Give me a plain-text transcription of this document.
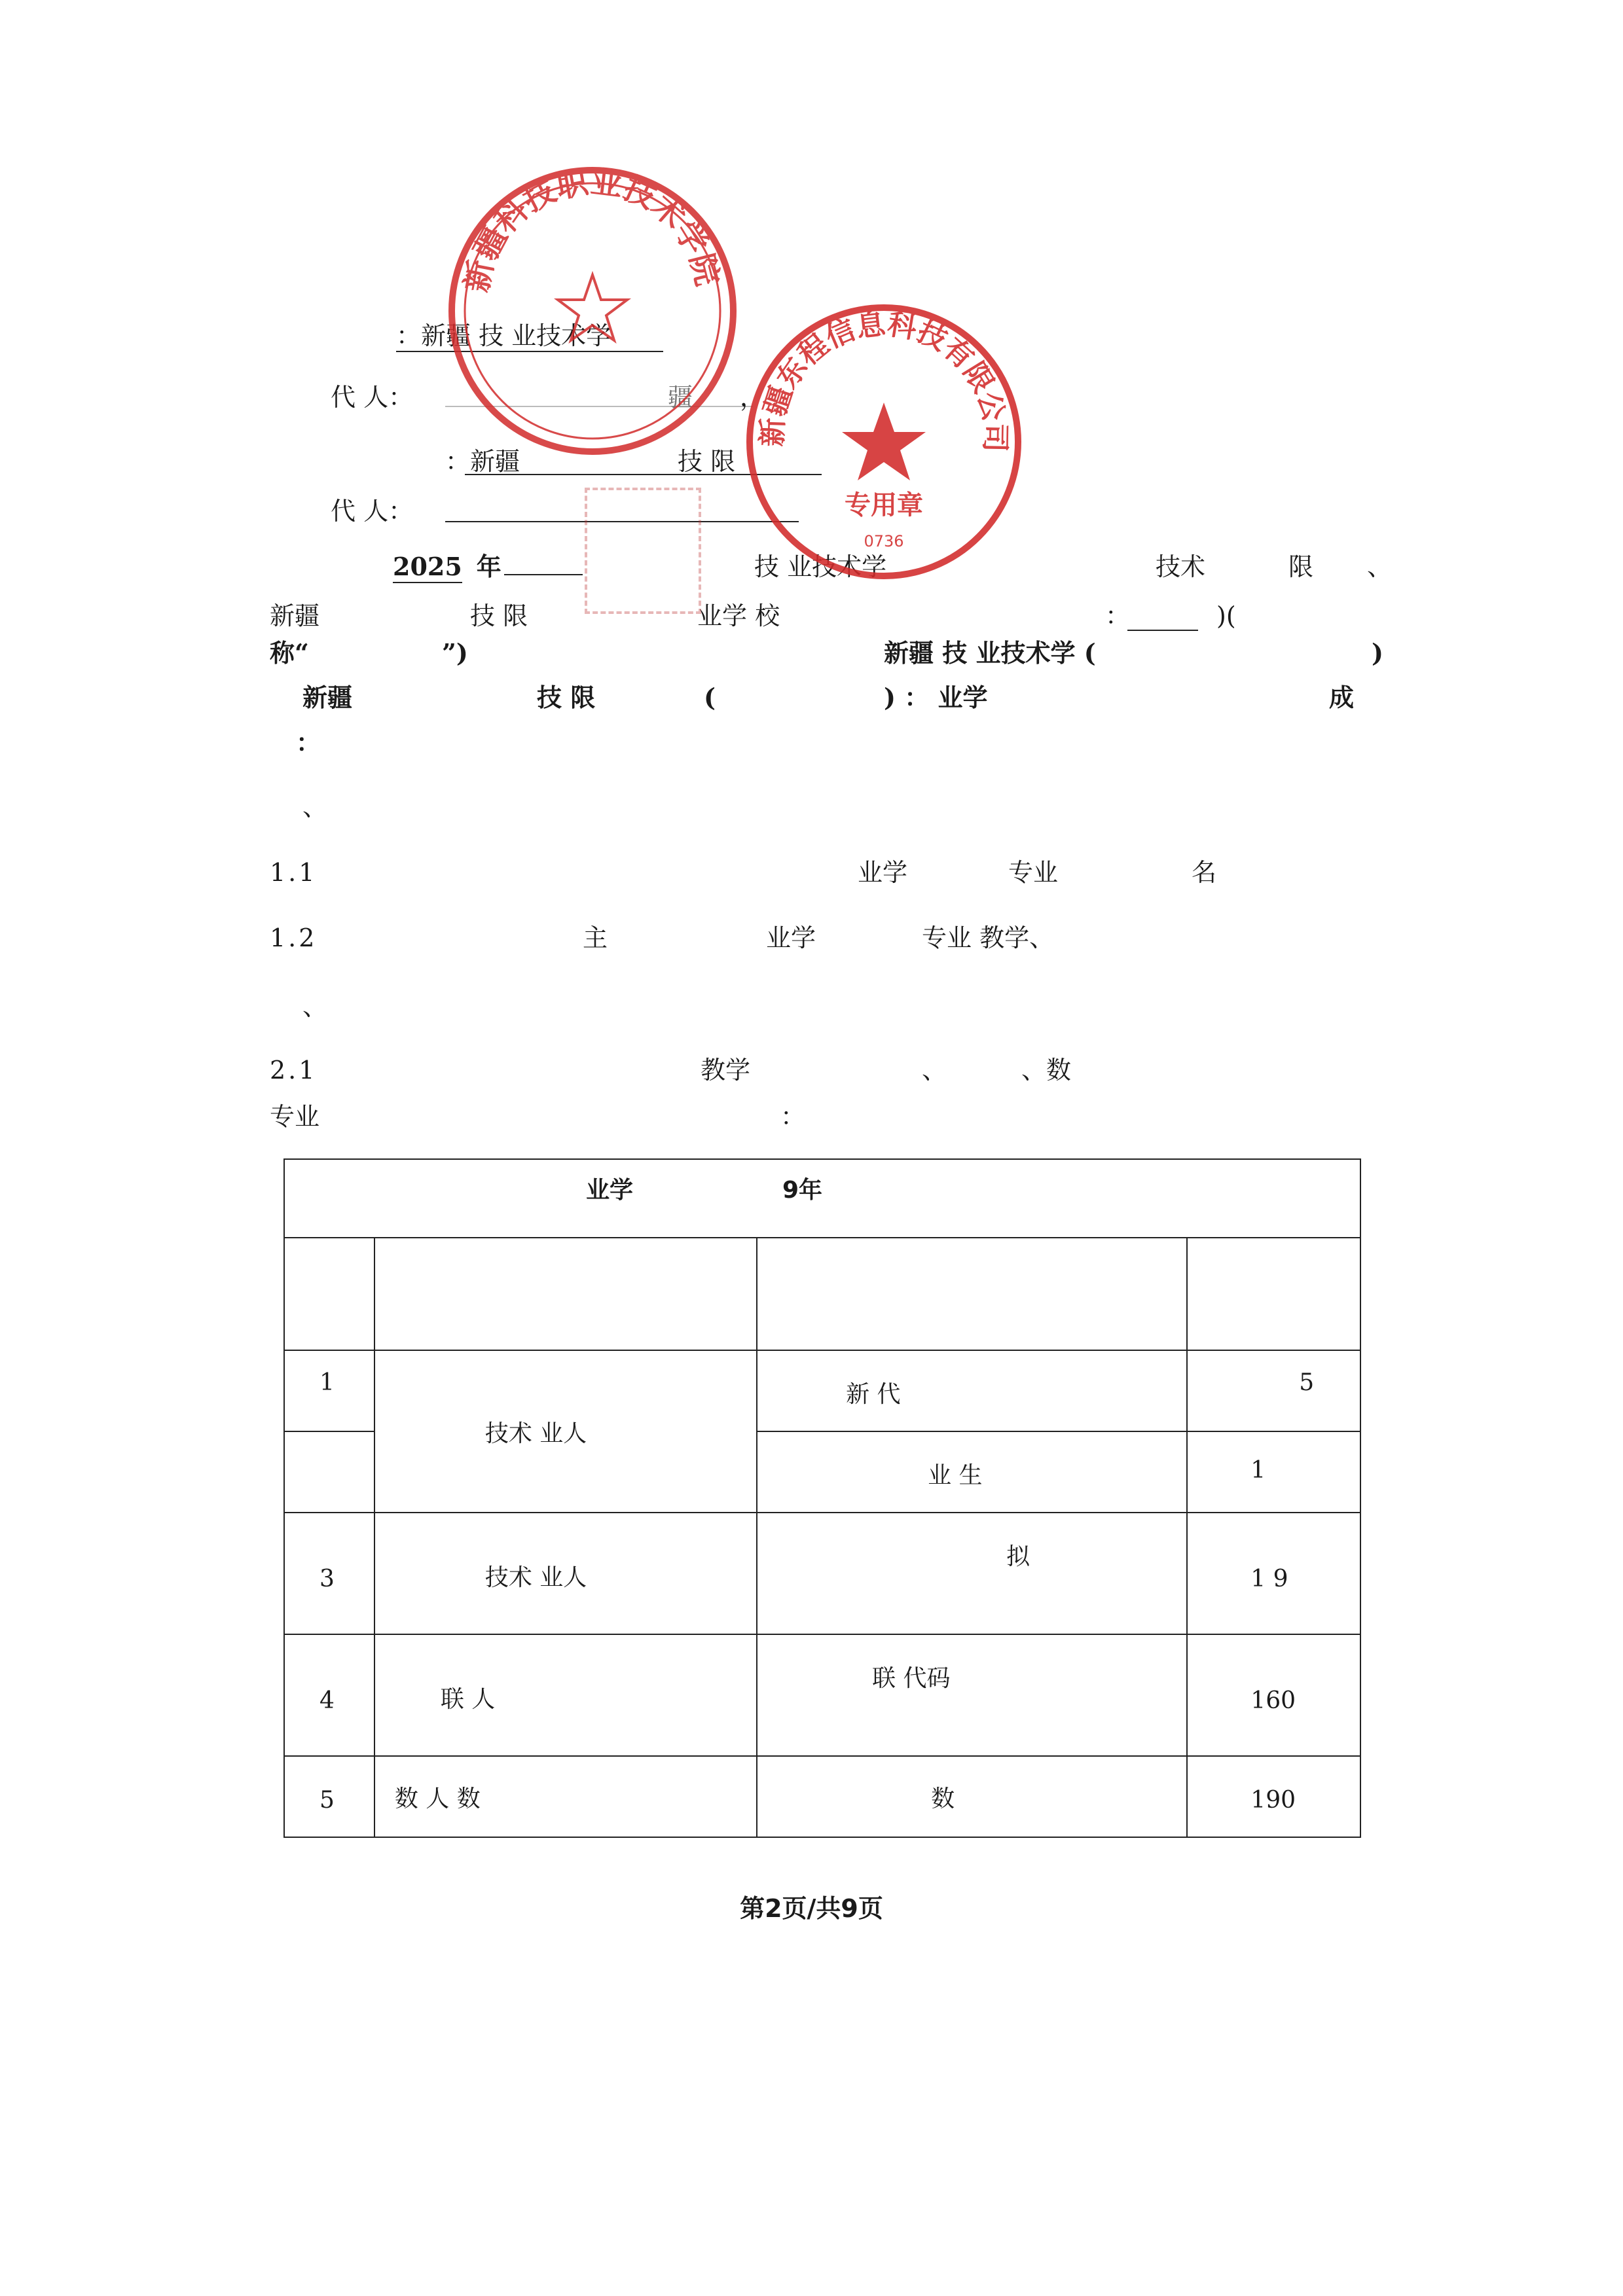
：新疆 技 业技术学
代 人：	疆 ，
：新疆	技 限
代 人：
2025 年	技 业技术学	技术	限 、
新疆	技 限	业学 校	：	)(
称“	”)	新疆 技 业技术学 (	)
新疆	技 限	(	) ： 业学	成
：
、
1.1	业学	专业	名
1.2	主	业学	专业 教学、
、
2.1	教学	、	、数
专业	：
业学 9年			

1	技术 业人	新 代	5

		业 生	1

3	技术 业人	拟	1 9

4	联 人	联 代码	160

5	数 人 数	数	190
第2页/共9页
新疆科技职业技术学院
新疆东程信息科技有限公司
专用章
0736
